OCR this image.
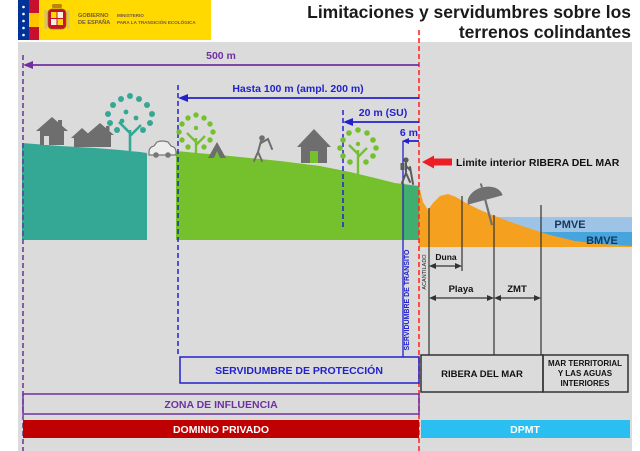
GOBIERNO
DE ESPAÑA
MINISTERIO
PARA LA TRANSICIÓN ECOLÓGICA
Limitaciones y servidumbres sobre los
terrenos colindantes
500 m
Hasta 100 m (ampl. 200 m)
20 m (SU)
6 m
Limite interior RIBERA DEL MAR
PMVE
BMVE
Duna
Playa	ZMT
SERVIDUMBRE DE TRÁNSITO ACANTILADO
SERVIDUMBRE DE PROTECCIÓN	RIBERA DEL MAR
MAR TERRITORIAL
Y LAS AGUAS
INTERIORES
ZONA DE INFLUENCIA
DOMINIO PRIVADO	DPMT
